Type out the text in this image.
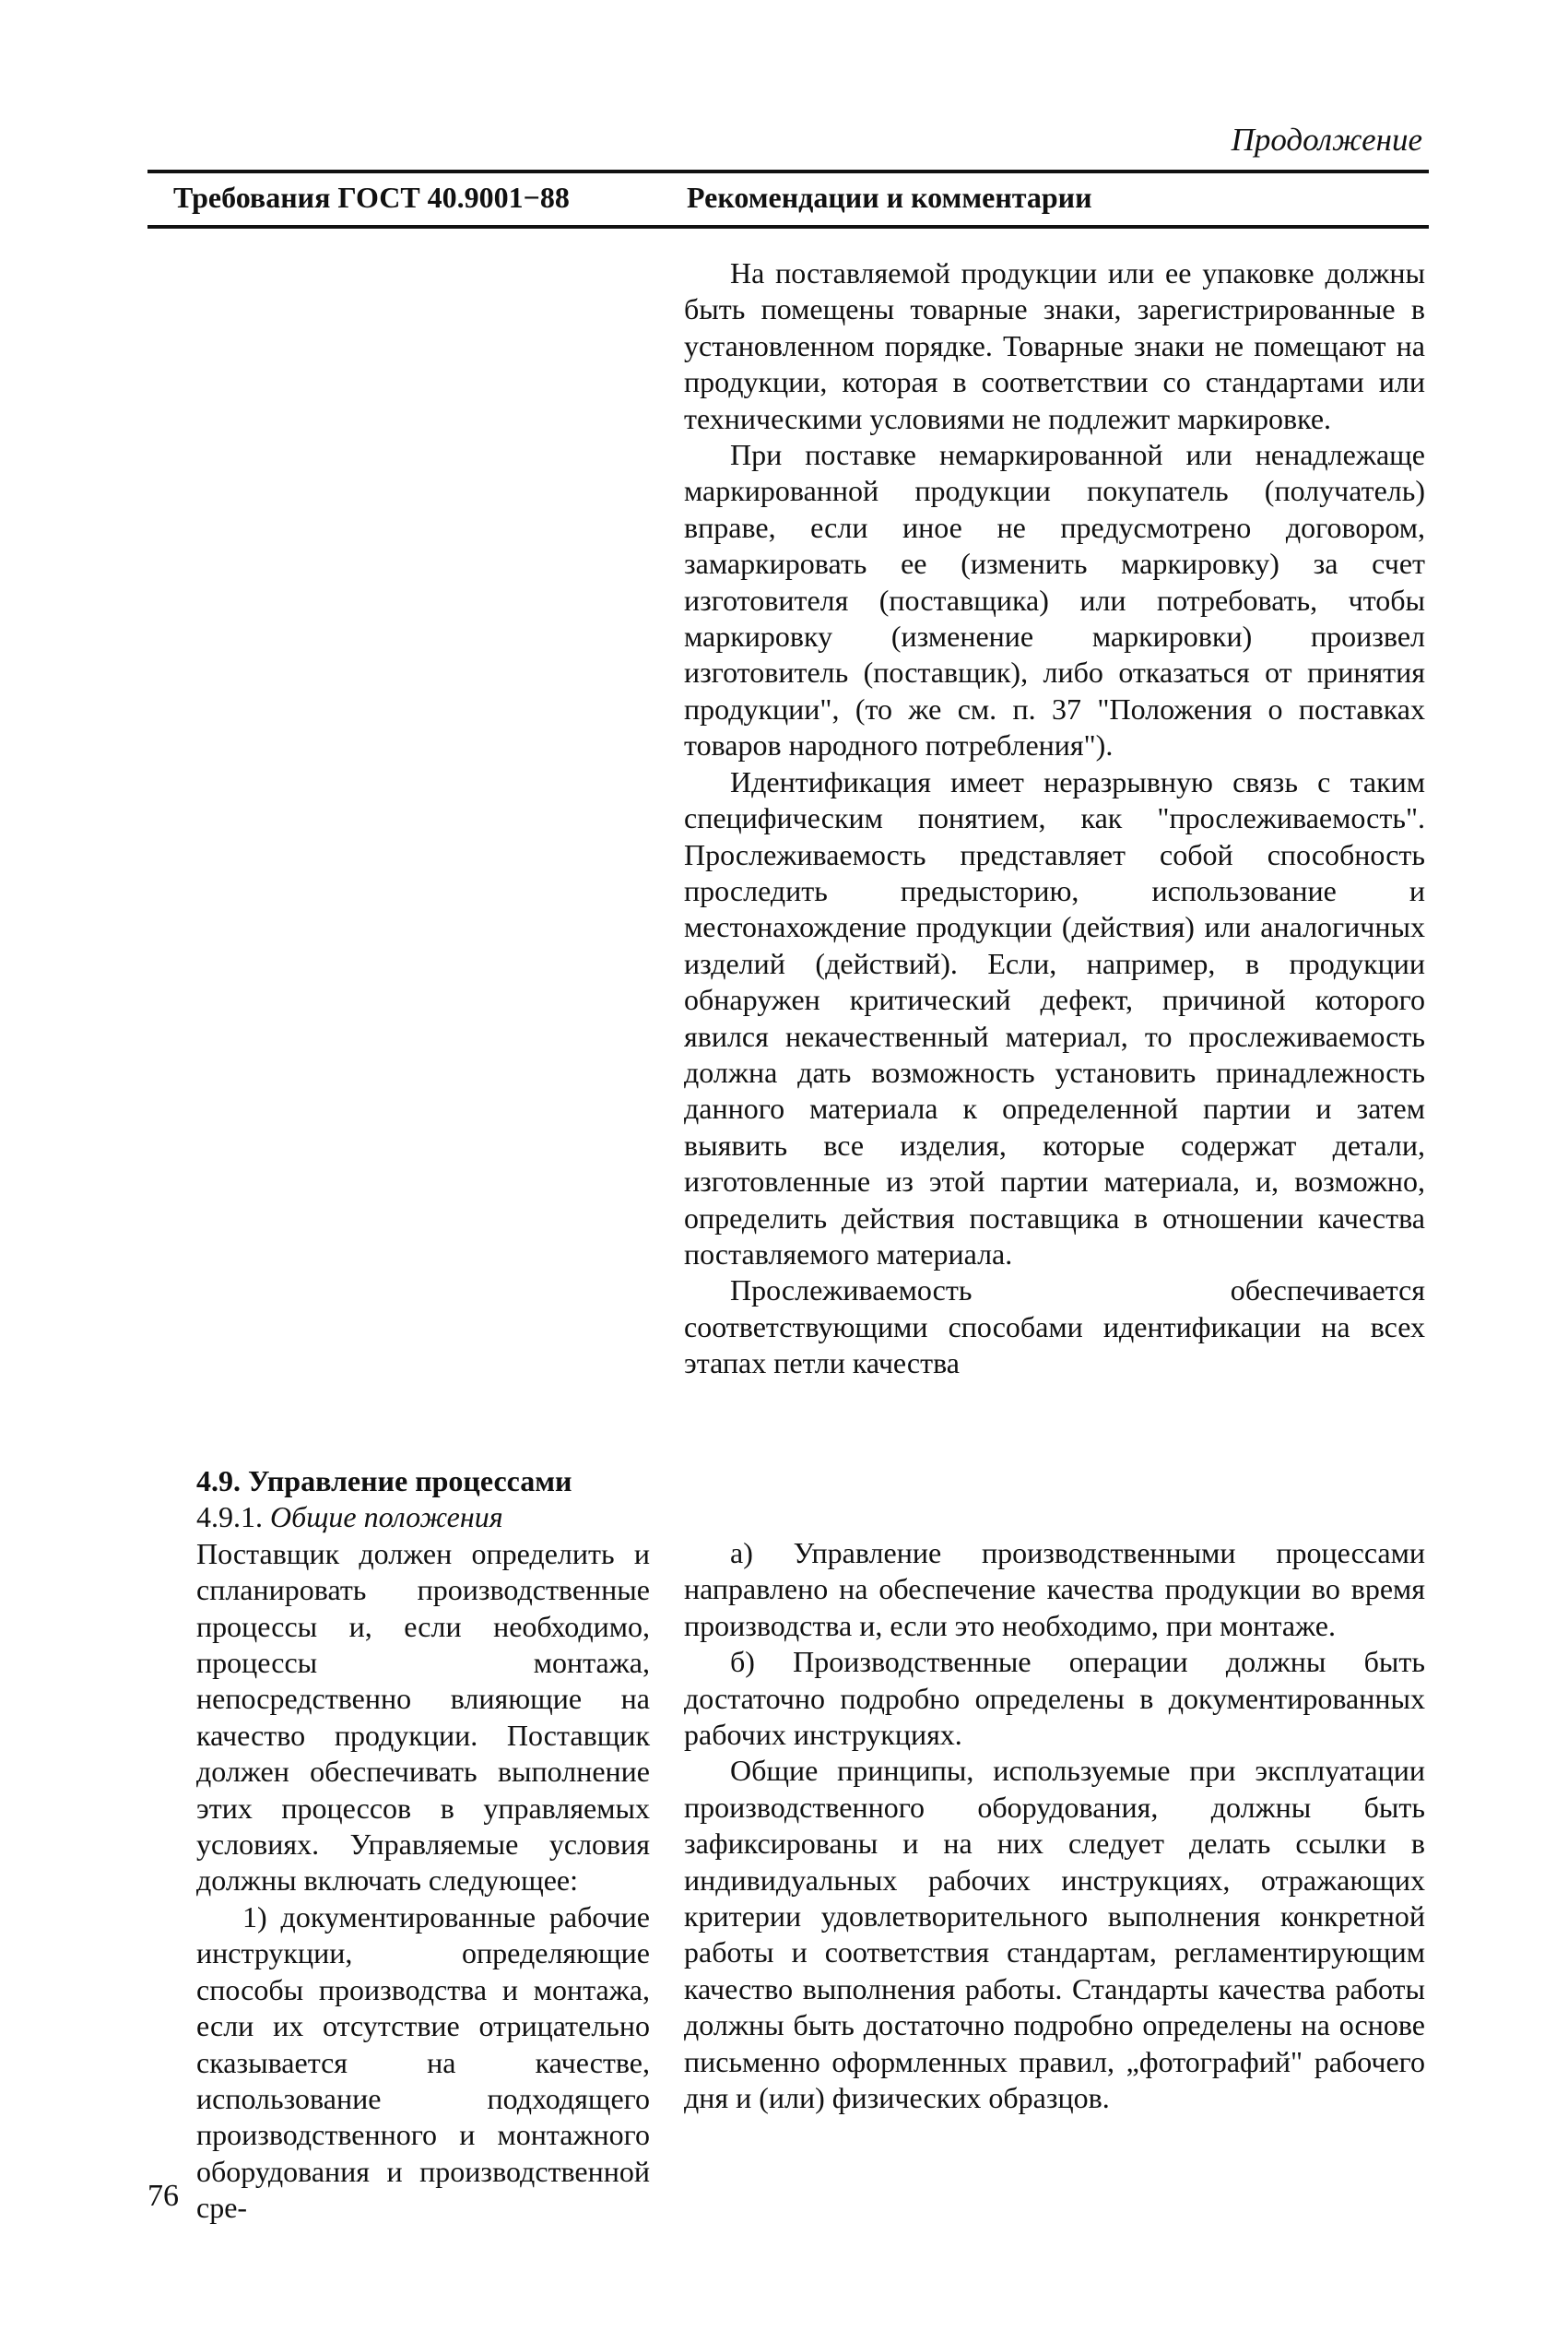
Продолжение
Требования ГОСТ 40.9001−88	Рекомендации и комментарии

На поставляемой продукции или ее упаковке должны быть помещены товарные знаки, зарегистрированные в установленном порядке. Товарные знаки не помещают на продукции, которая в соответствии со стандартами или техническими условиями не подлежит маркировке.

При поставке немаркированной или ненадлежаще маркированной продукции покупатель (получатель) вправе, если иное не предусмотрено договором, замаркировать ее (изменить маркировку) за счет изготовителя (поставщика) или потребовать, чтобы маркировку (изменение маркировки) произвел изготовитель (поставщик), либо отказаться от принятия продукции", (то же см. п. 37 "Положения о поставках товаров народного потребления").

Идентификация имеет неразрывную связь с таким специфическим понятием, как "прослеживаемость". Прослеживаемость представляет собой способность проследить предысторию, использование и местонахождение продукции (действия) или аналогичных изделий (действий). Если, например, в продукции обнаружен критический дефект, причиной которого явился некачественный материал, то прослеживаемость должна дать возможность установить принадлежность данного материала к определенной партии и затем выявить все изделия, которые содержат детали, изготовленные из этой партии материала, и, возможно, определить действия поставщика в отношении качества поставляемого материала.

Прослеживаемость обеспечивается соответствующими способами идентификации на всех этапах петли качества

4.9. Управление процессами

4.9.1. Общие положения

Поставщик должен определить и спланировать производственные процессы и, если необходимо, процессы монтажа, непосредственно влияющие на качество продукции. Поставщик должен обеспечивать выполнение этих процессов в управляемых условиях. Управляемые условия должны включать следующее:

1) документированные рабочие инструкции, определяющие способы производства и монтажа, если их отсутствие отрицательно сказывается на качестве, использование подходящего производственного и монтажного оборудования и производственной сре-

а) Управление производственными процессами направлено на обеспечение качества продукции во время производства и, если это необходимо, при монтаже.

б) Производственные операции должны быть достаточно подробно определены в документированных рабочих инструкциях.

Общие принципы, используемые при эксплуатации производственного оборудования, должны быть зафиксированы и на них следует делать ссылки в индивидуальных рабочих инструкциях, отражающих критерии удовлетворительного выполнения конкретной работы и соответствия стандартам, регламентирующим качество выполнения работы. Стандарты качества работы должны быть достаточно подробно определены на основе письменно оформленных правил, „фотографий" рабочего дня и (или) физических образцов.

76
